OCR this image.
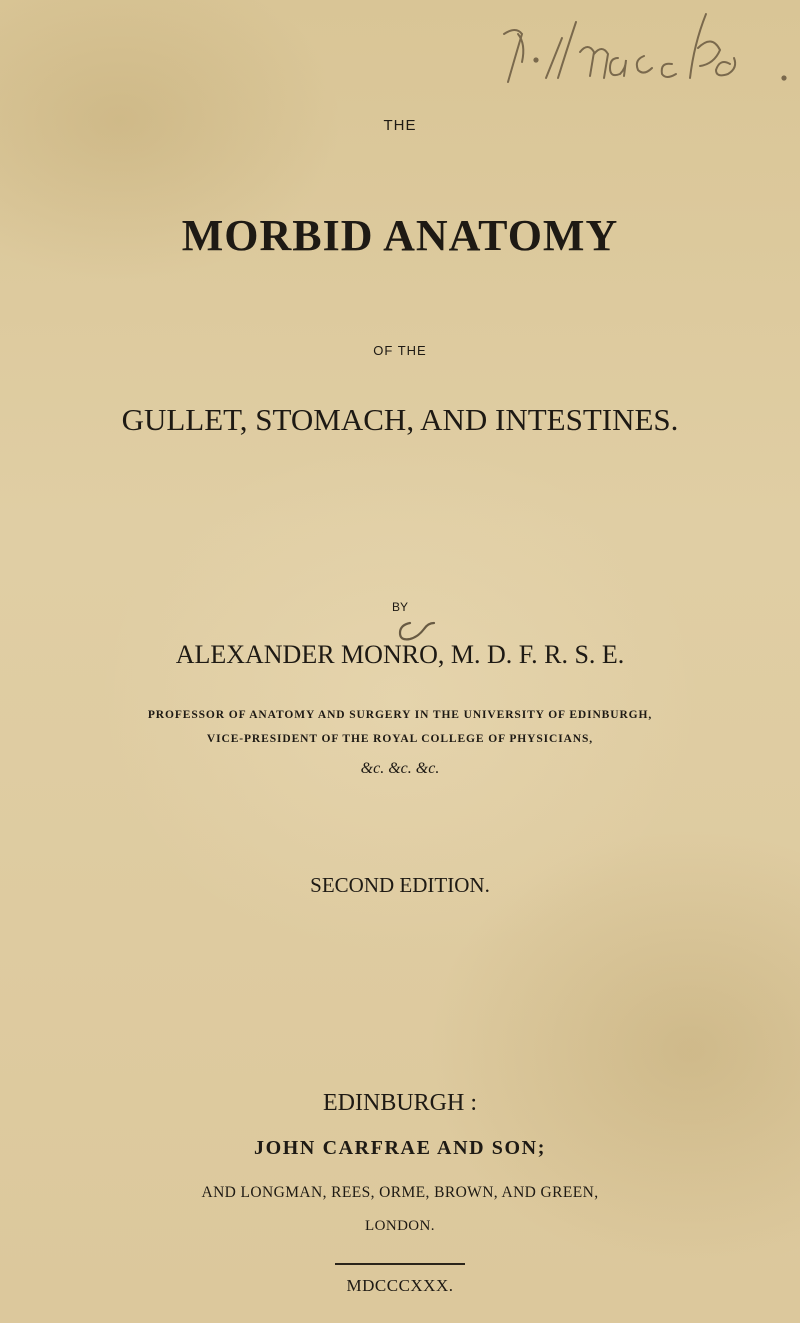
THE
MORBID ANATOMY
OF THE
GULLET, STOMACH, AND INTESTINES.
BY
ALEXANDER MONRO, M. D. F. R. S. E.
PROFESSOR OF ANATOMY AND SURGERY IN THE UNIVERSITY OF EDINBURGH,
VICE-PRESIDENT OF THE ROYAL COLLEGE OF PHYSICIANS,
&c. &c. &c.
SECOND EDITION.
EDINBURGH :
JOHN CARFRAE AND SON;
AND LONGMAN, REES, ORME, BROWN, AND GREEN,
LONDON.
MDCCCXXX.
